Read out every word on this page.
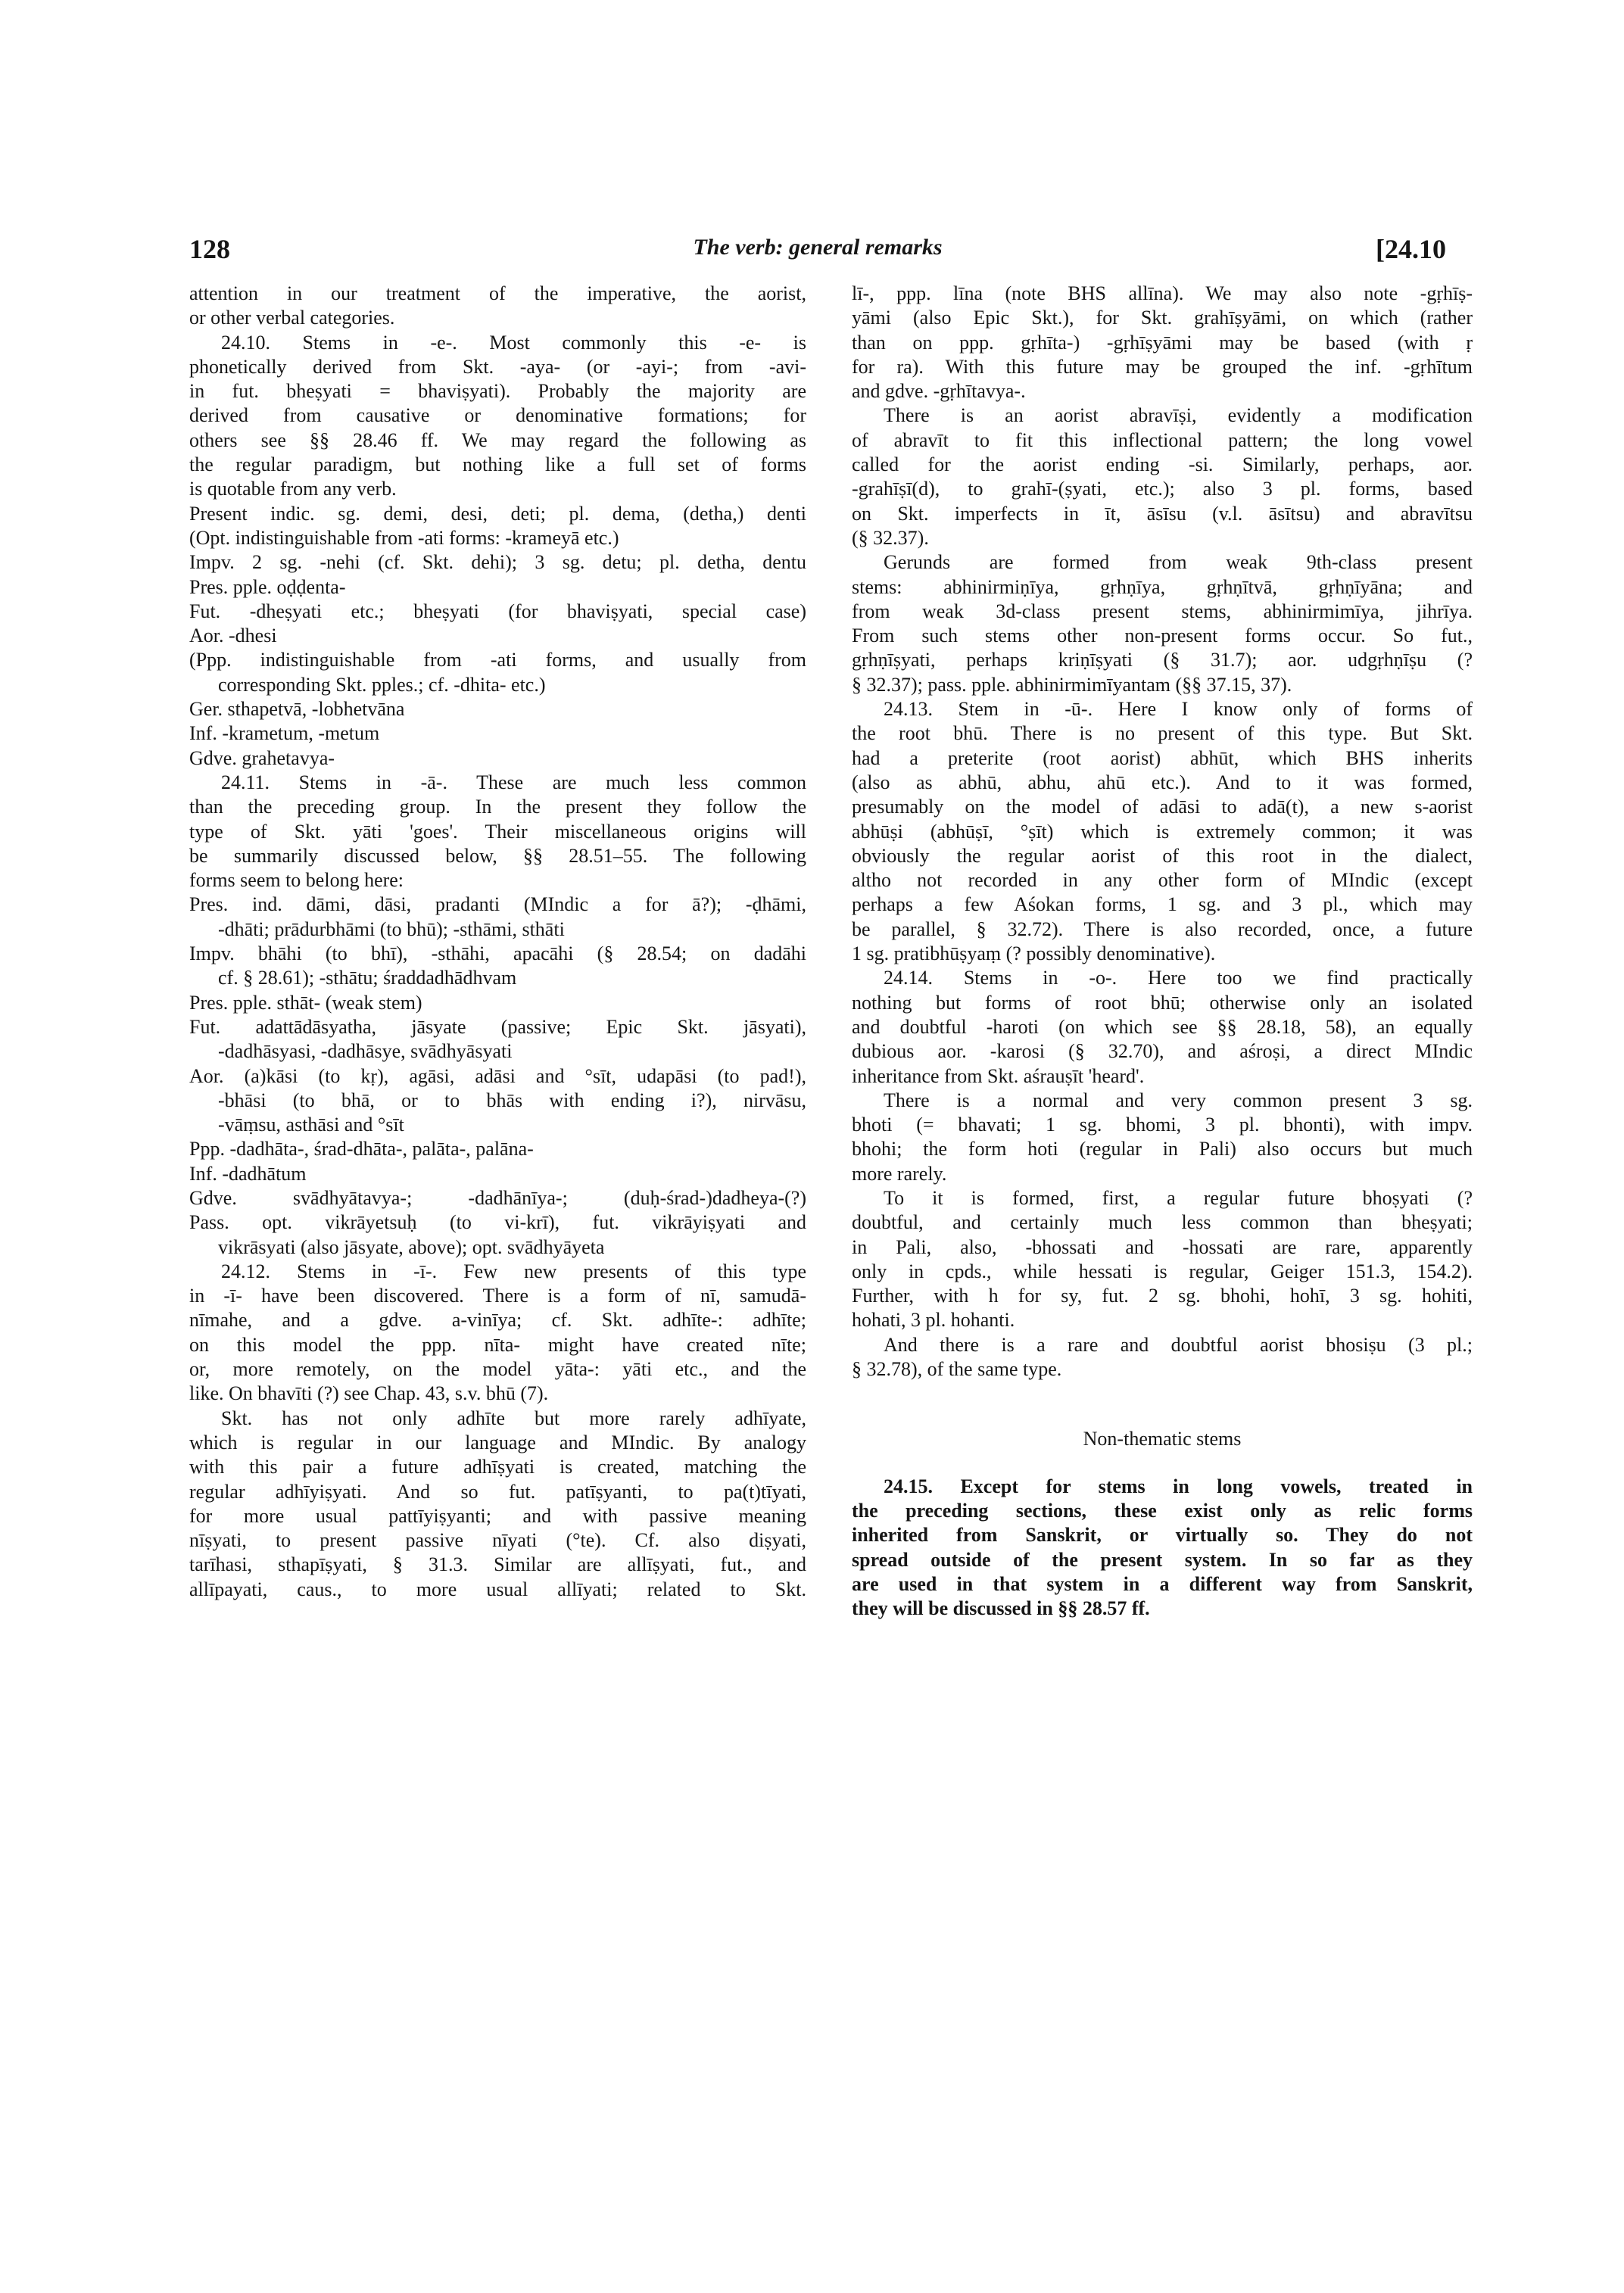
128	The verb: general remarks	[24.10
attention in our treatment of the imperative, the aorist,
or other verbal categories.
24.10. Stems in -e-. Most commonly this -e- is
phonetically derived from Skt. -aya- (or -ayi-; from -avi-
in fut. bheṣyati = bhaviṣyati). Probably the majority are
derived from causative or denominative formations; for
others see §§ 28.46 ff. We may regard the following as
the regular paradigm, but nothing like a full set of forms
is quotable from any verb.
Present indic. sg. demi, desi, deti; pl. dema, (detha,) denti
(Opt. indistinguishable from -ati forms: -krameyā etc.)
Impv. 2 sg. -nehi (cf. Skt. dehi); 3 sg. detu; pl. detha, dentu
Pres. pple. oḍḍenta-
Fut. -dheṣyati etc.; bheṣyati (for bhaviṣyati, special case)
Aor. -dhesi
(Ppp. indistinguishable from -ati forms, and usually from
corresponding Skt. pples.; cf. -dhita- etc.)
Ger. sthapetvā, -lobhetvāna
Inf. -krametum, -metum
Gdve. grahetavya-
24.11. Stems in -ā-. These are much less common
than the preceding group. In the present they follow the
type of Skt. yāti 'goes'. Their miscellaneous origins will
be summarily discussed below, §§ 28.51–55. The following
forms seem to belong here:
Pres. ind. dāmi, dāsi, pradanti (MIndic a for ā?); -ḍhāmi,
-dhāti; prādurbhāmi (to bhū); -sthāmi, sthāti
Impv. bhāhi (to bhī), -sthāhi, apacāhi (§ 28.54; on dadāhi
cf. § 28.61); -sthātu; śraddadhādhvam
Pres. pple. sthāt- (weak stem)
Fut. adattādāsyatha, jāsyate (passive; Epic Skt. jāsyati),
-dadhāsyasi, -dadhāsye, svādhyāsyati
Aor. (a)kāsi (to kṛ), agāsi, adāsi and °sīt, udapāsi (to pad!),
-bhāsi (to bhā, or to bhās with ending i?), nirvāsu,
-vāṃsu, asthāsi and °sīt
Ppp. -dadhāta-, śrad-dhāta-, palāta-, palāna-
Inf. -dadhātum
Gdve. svādhyātavya-; -dadhānīya-; (duḥ-śrad-)dadheya-(?)
Pass. opt. vikrāyetsuḥ (to vi-krī), fut. vikrāyiṣyati and
vikrāsyati (also jāsyate, above); opt. svādhyāyeta
24.12. Stems in -ī-. Few new presents of this type
in -ī- have been discovered. There is a form of nī, samudā-
nīmahe, and a gdve. a-vinīya; cf. Skt. adhīte-: adhīte;
on this model the ppp. nīta- might have created nīte;
or, more remotely, on the model yāta-: yāti etc., and the
like. On bhavīti (?) see Chap. 43, s.v. bhū (7).
Skt. has not only adhīte but more rarely adhīyate,
which is regular in our language and MIndic. By analogy
with this pair a future adhīṣyati is created, matching the
regular adhīyiṣyati. And so fut. patīṣyanti, to pa(t)tīyati,
for more usual pattīyiṣyanti; and with passive meaning
nīṣyati, to present passive nīyati (°te). Cf. also diṣyati,
tarīhasi, sthapīṣyati, § 31.3. Similar are allīṣyati, fut., and
allīpayati, caus., to more usual allīyati; related to Skt.
lī-, ppp. līna (note BHS allīna). We may also note -gṛhīṣ-
yāmi (also Epic Skt.), for Skt. grahīṣyāmi, on which (rather
than on ppp. gṛhīta-) -gṛhīṣyāmi may be based (with ṛ
for ra). With this future may be grouped the inf. -gṛhītum
and gdve. -gṛhītavya-.
There is an aorist abravīṣi, evidently a modification
of abravīt to fit this inflectional pattern; the long vowel
called for the aorist ending -si. Similarly, perhaps, aor.
-grahīṣī(d), to grahī-(ṣyati, etc.); also 3 pl. forms, based
on Skt. imperfects in īt, āsīsu (v.l. āsītsu) and abravītsu
(§ 32.37).
Gerunds are formed from weak 9th-class present
stems: abhinirmiṇīya, gṛhṇīya, gṛhṇītvā, gṛhṇīyāna; and
from weak 3d-class present stems, abhinirmimīya, jihrīya.
From such stems other non-present forms occur. So fut.,
gṛhṇīṣyati, perhaps kriṇīṣyati (§ 31.7); aor. udgṛhṇīṣu (?
§ 32.37); pass. pple. abhinirmimīyantam (§§ 37.15, 37).
24.13. Stem in -ū-. Here I know only of forms of
the root bhū. There is no present of this type. But Skt.
had a preterite (root aorist) abhūt, which BHS inherits
(also as abhū, abhu, ahū etc.). And to it was formed,
presumably on the model of adāsi to adā(t), a new s-aorist
abhūṣi (abhūṣī, °ṣīt) which is extremely common; it was
obviously the regular aorist of this root in the dialect,
altho not recorded in any other form of MIndic (except
perhaps a few Aśokan forms, 1 sg. and 3 pl., which may
be parallel, § 32.72). There is also recorded, once, a future
1 sg. pratibhūṣyaṃ (? possibly denominative).
24.14. Stems in -o-. Here too we find practically
nothing but forms of root bhū; otherwise only an isolated
and doubtful -haroti (on which see §§ 28.18, 58), an equally
dubious aor. -karosi (§ 32.70), and aśroṣi, a direct MIndic
inheritance from Skt. aśrauṣīt 'heard'.
There is a normal and very common present 3 sg.
bhoti (= bhavati; 1 sg. bhomi, 3 pl. bhonti), with impv.
bhohi; the form hoti (regular in Pali) also occurs but much
more rarely.
To it is formed, first, a regular future bhoṣyati (?
doubtful, and certainly much less common than bheṣyati;
in Pali, also, -bhossati and -hossati are rare, apparently
only in cpds., while hessati is regular, Geiger 151.3, 154.2).
Further, with h for sy, fut. 2 sg. bhohi, hohī, 3 sg. hohiti,
hohati, 3 pl. hohanti.
And there is a rare and doubtful aorist bhosiṣu (3 pl.;
§ 32.78), of the same type.
Non-thematic stems
24.15. Except for stems in long vowels, treated in
the preceding sections, these exist only as relic forms
inherited from Sanskrit, or virtually so. They do not
spread outside of the present system. In so far as they
are used in that system in a different way from Sanskrit,
they will be discussed in §§ 28.57 ff.
